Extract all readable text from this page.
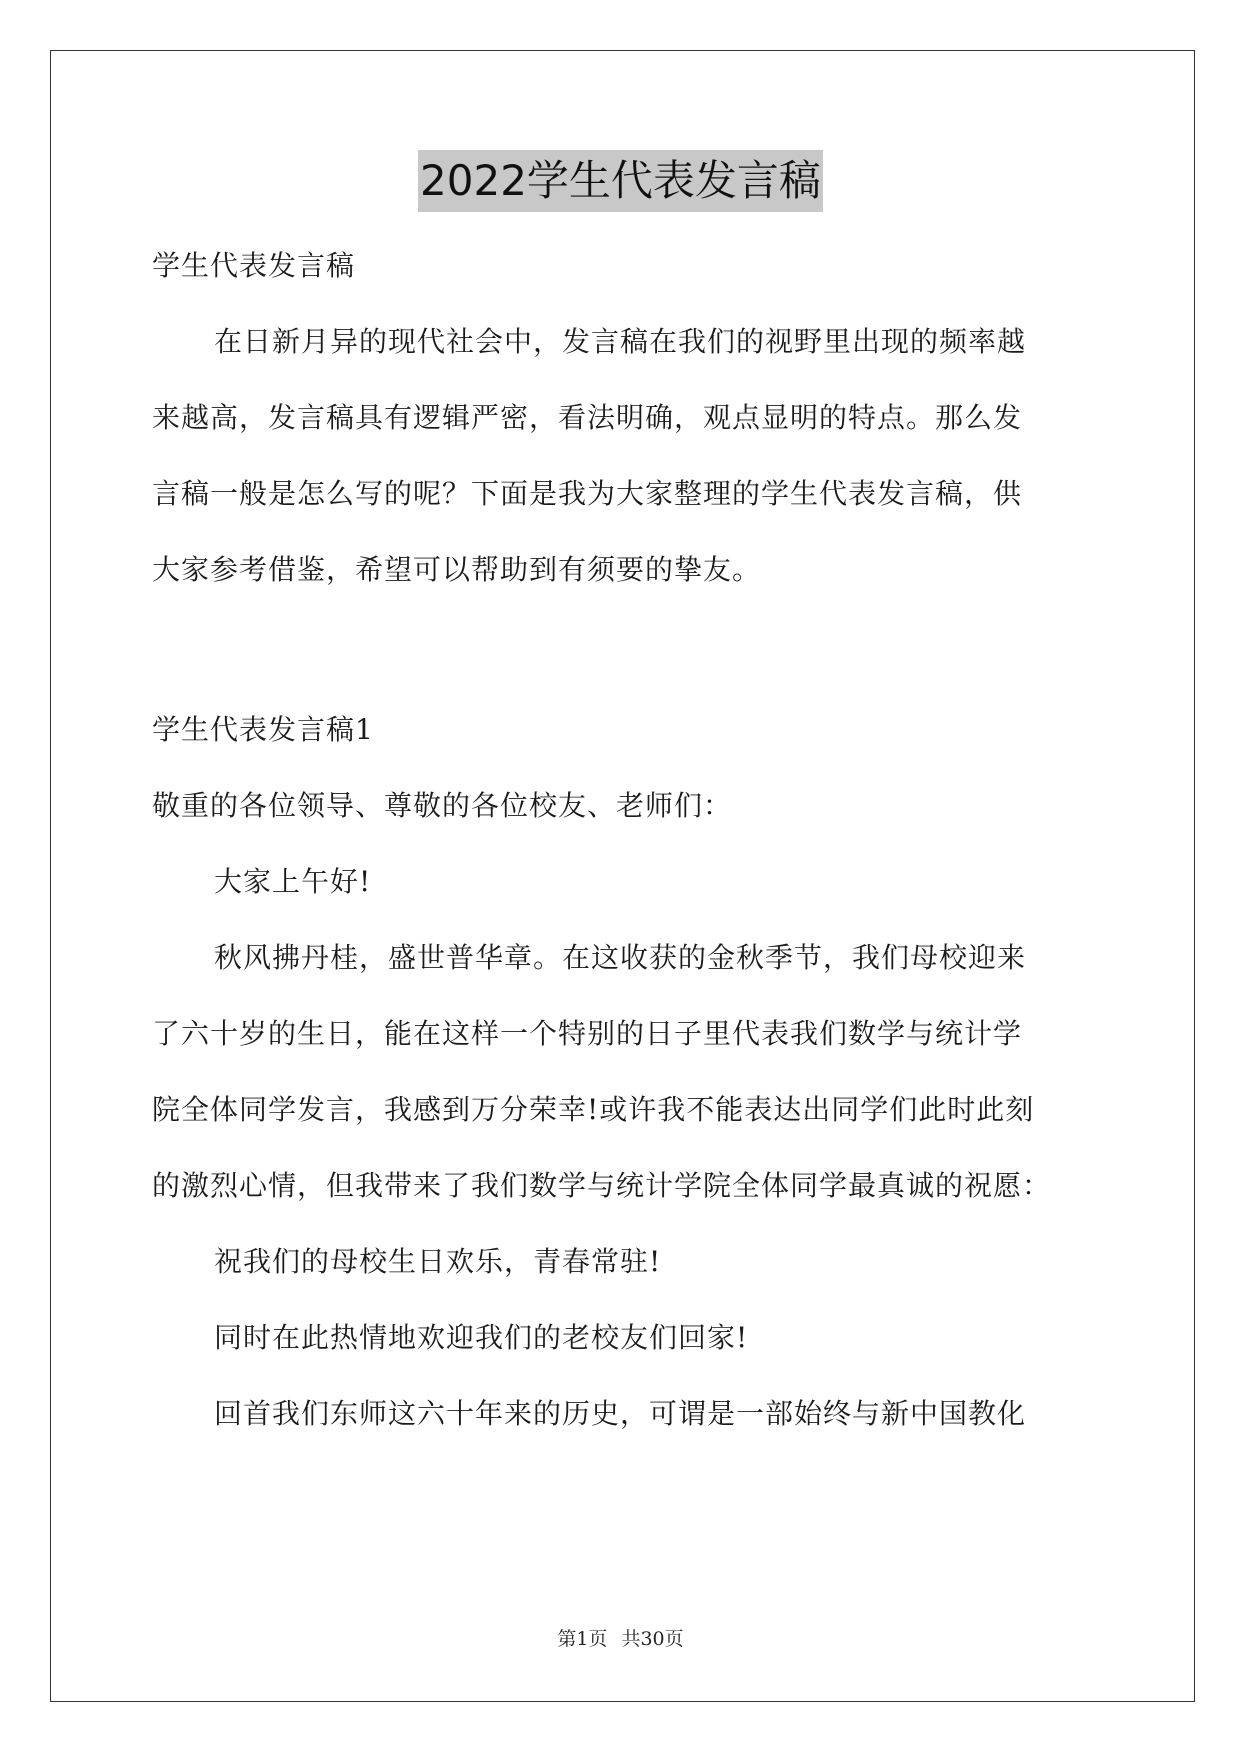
2022学生代表发言稿
学生代表发言稿
在日新月异的现代社会中，发言稿在我们的视野里出现的频率越
来越高，发言稿具有逻辑严密，看法明确，观点显明的特点。那么发
言稿一般是怎么写的呢？下面是我为大家整理的学生代表发言稿，供
大家参考借鉴，希望可以帮助到有须要的挚友。
学生代表发言稿1
敬重的各位领导、尊敬的各位校友、老师们：
大家上午好!
秋风拂丹桂，盛世普华章。在这收获的金秋季节，我们母校迎来
了六十岁的生日，能在这样一个特别的日子里代表我们数学与统计学
院全体同学发言，我感到万分荣幸!或许我不能表达出同学们此时此刻
的激烈心情，但我带来了我们数学与统计学院全体同学最真诚的祝愿：
祝我们的母校生日欢乐，青春常驻!
同时在此热情地欢迎我们的老校友们回家!
回首我们东师这六十年来的历史，可谓是一部始终与新中国教化
第1页 共30页
